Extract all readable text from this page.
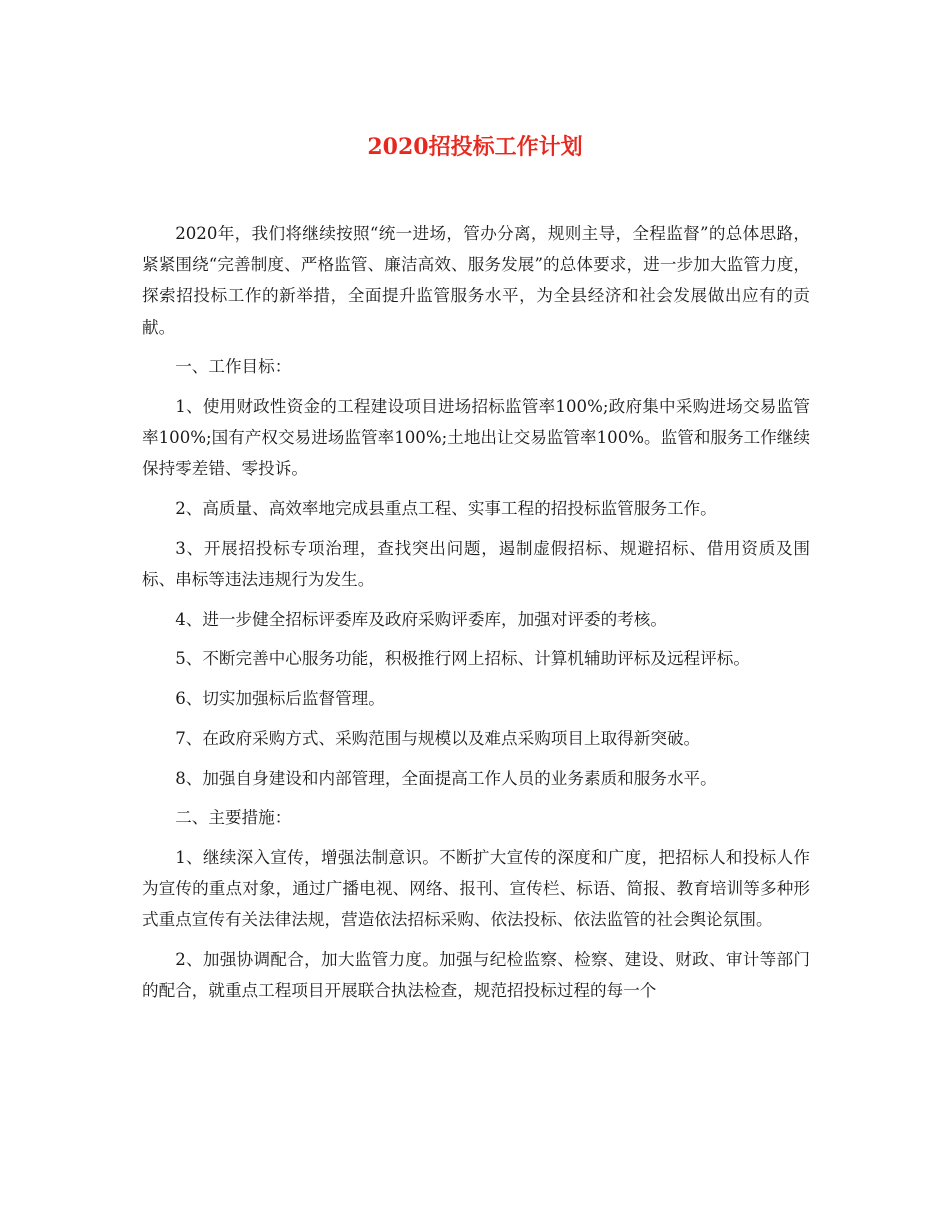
2020招投标工作计划

2020年，我们将继续按照“统一进场，管办分离，规则主导，全程监督”的总体思路，紧紧围绕“完善制度、严格监管、廉洁高效、服务发展”的总体要求，进一步加大监管力度，探索招投标工作的新举措，全面提升监管服务水平，为全县经济和社会发展做出应有的贡献。

一、工作目标：

1、使用财政性资金的工程建设项目进场招标监管率100%;政府集中采购进场交易监管率100%;国有产权交易进场监管率100%;土地出让交易监管率100%。监管和服务工作继续保持零差错、零投诉。

2、高质量、高效率地完成县重点工程、实事工程的招投标监管服务工作。

3、开展招投标专项治理，查找突出问题，遏制虚假招标、规避招标、借用资质及围标、串标等违法违规行为发生。

4、进一步健全招标评委库及政府采购评委库，加强对评委的考核。

5、不断完善中心服务功能，积极推行网上招标、计算机辅助评标及远程评标。

6、切实加强标后监督管理。

7、在政府采购方式、采购范围与规模以及难点采购项目上取得新突破。

8、加强自身建设和内部管理，全面提高工作人员的业务素质和服务水平。

二、主要措施：

1、继续深入宣传，增强法制意识。不断扩大宣传的深度和广度，把招标人和投标人作为宣传的重点对象，通过广播电视、网络、报刊、宣传栏、标语、简报、教育培训等多种形式重点宣传有关法律法规，营造依法招标采购、依法投标、依法监管的社会舆论氛围。

2、加强协调配合，加大监管力度。加强与纪检监察、检察、建设、财政、审计等部门的配合，就重点工程项目开展联合执法检查，规范招投标过程的每一个
